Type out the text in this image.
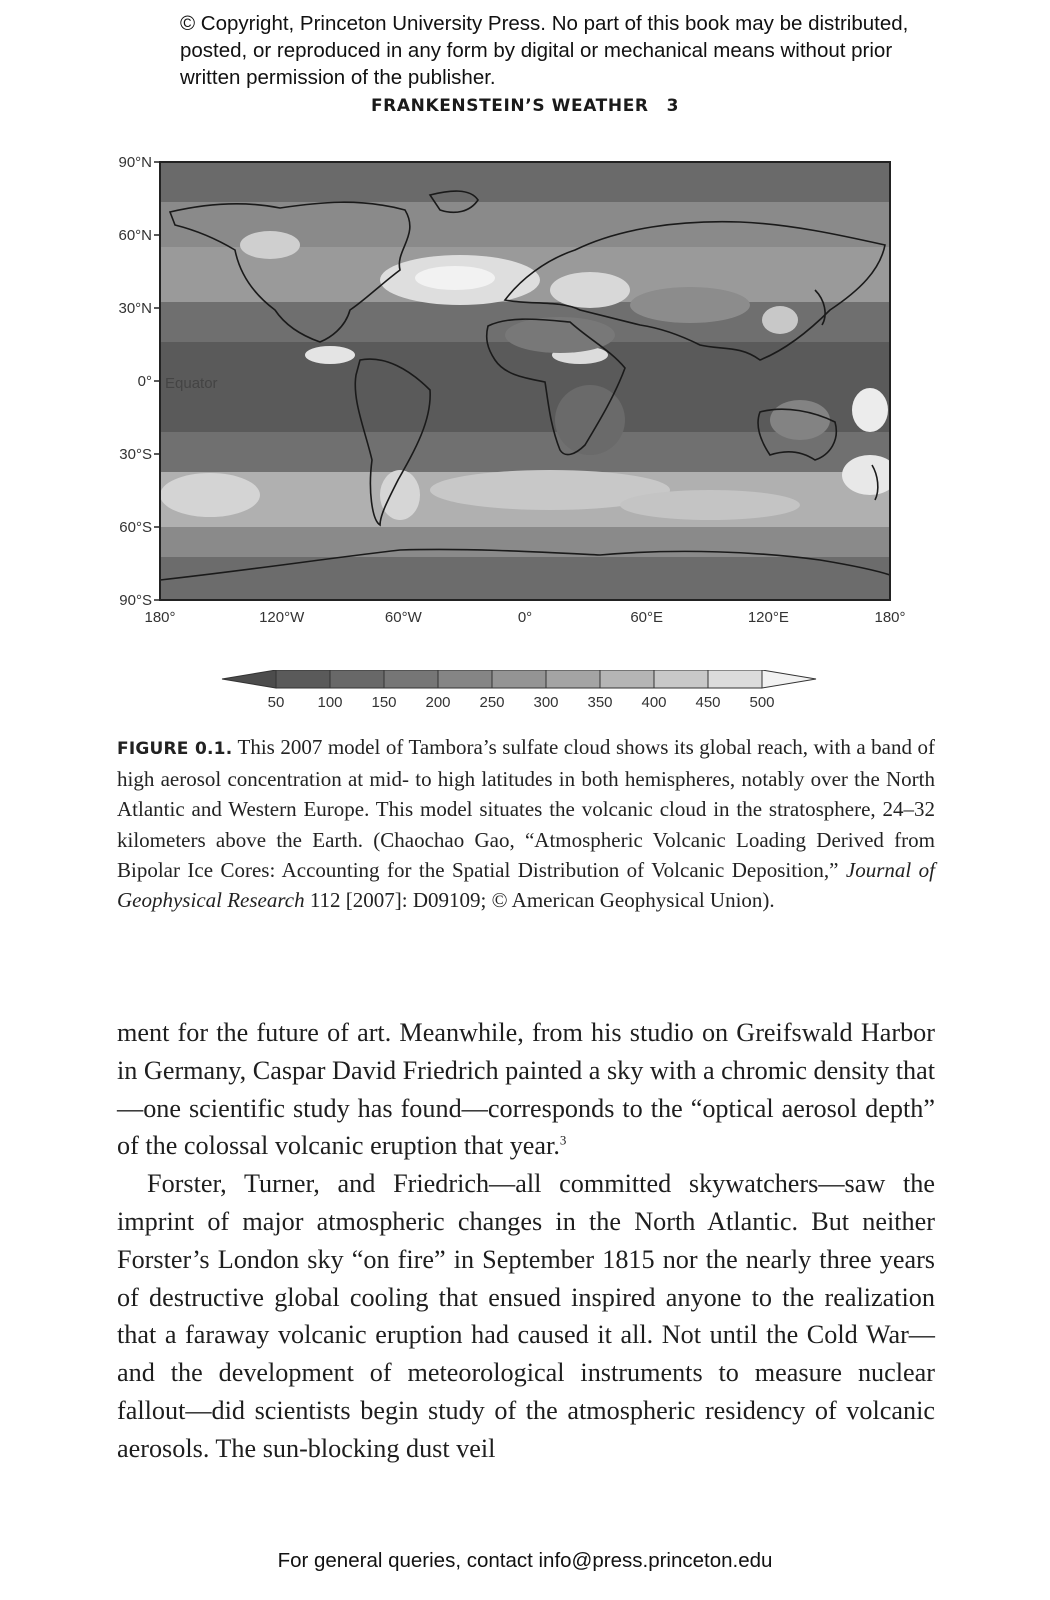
© Copyright, Princeton University Press. No part of this book may be distributed, posted, or reproduced in any form by digital or mechanical means without prior written permission of the publisher.
FRANKENSTEIN’S WEATHER 3
90°N
60°N
30°N
0°
30°S
60°S
90°S
180°	120°W	60°W	0°	60°E	120°E	180°
Equator
50 100 150 200 250 300 350 400 450 500
FIGURE 0.1. This 2007 model of Tambora’s sulfate cloud shows its global reach, with a band of high aerosol concentration at mid- to high latitudes in both hemispheres, notably over the North Atlantic and Western Europe. This model situates the volcanic cloud in the stratosphere, 24–32 kilometers above the Earth. (Chaochao Gao, “Atmospheric Volcanic Loading Derived from Bipolar Ice Cores: Accounting for the Spatial Distribution of Volcanic Deposition,” Journal of Geophysical Research 112 [2007]: D09109; © American Geophysical Union).

ment for the future of art. Meanwhile, from his studio on Greifswald Harbor in Germany, Caspar David Friedrich painted a sky with a chromic density that—one scientific study has found—corresponds to the “optical aerosol depth” of the colossal volcanic eruption that year.$^3$

Forster, Turner, and Friedrich—all committed skywatchers—saw the imprint of major atmospheric changes in the North Atlantic. But neither Forster’s London sky “on fire” in September 1815 nor the nearly three years of destructive global cooling that ensued inspired anyone to the realization that a faraway volcanic eruption had caused it all. Not until the Cold War—and the development of meteorological instruments to measure nuclear fallout—did scientists begin study of the atmospheric residency of volcanic aerosols. The sun-blocking dust veil

For general queries, contact info@press.princeton.edu
